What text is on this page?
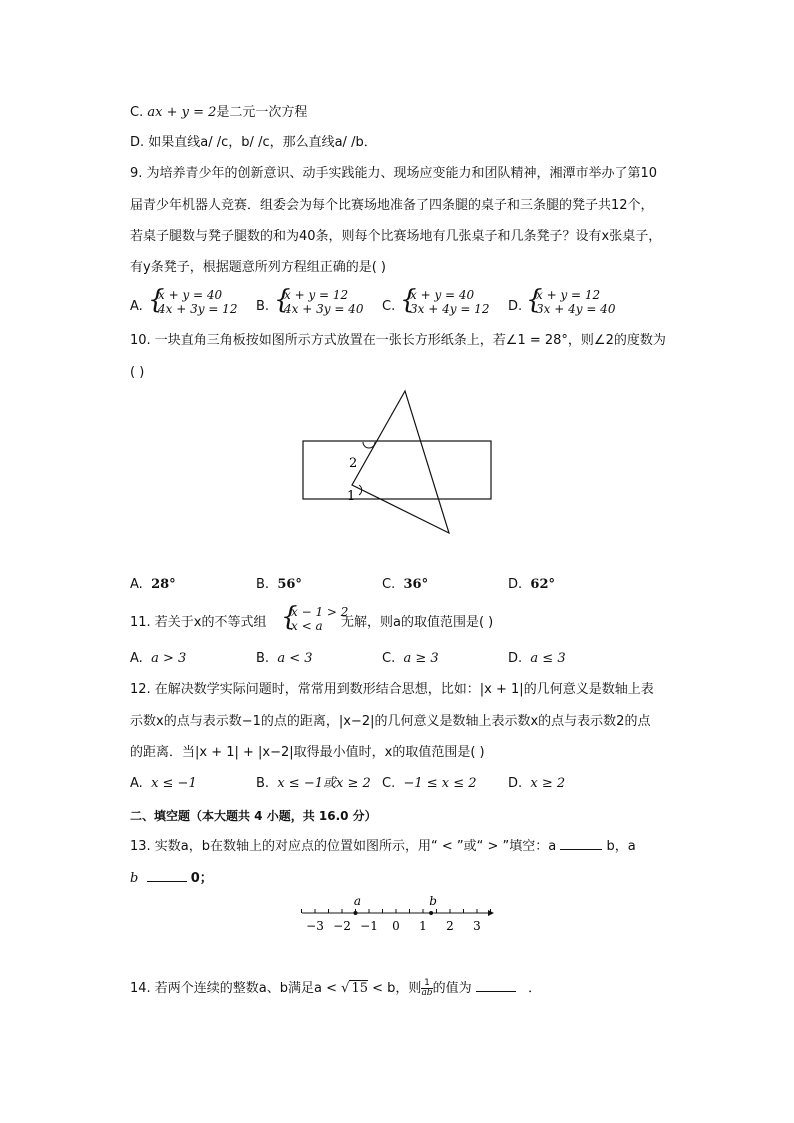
C. ax + y = 2是二元一次方程
D. 如果直线a/ /c，b/ /c，那么直线a/ /b．
9. 为培养青少年的创新意识、动手实践能力、现场应变能力和团队精神，湘潭市举办了第10
届青少年机器人竞赛．组委会为每个比赛场地准备了四条腿的桌子和三条腿的凳子共12个，
若桌子腿数与凳子腿数的和为40条，则每个比赛场地有几张桌子和几条凳子？设有x张桌子，
有y条凳子，根据题意所列方程组正确的是( )
A. {
x + y = 40
4x + 3y = 12 B. {
x + y = 12
4x + 3y = 40 C. {
x + y = 40
3x + 4y = 12 D. {
x + y = 12
3x + 4y = 40
10. 一块直角三角板按如图所示方式放置在一张长方形纸条上，若∠1 = 28°，则∠2的度数为
( )
2
1
A. 28°	B. 56°	C. 36°	D. 62°
11. 若关于x的不等式组 {
x − 1 > 2
x < a	无解，则a的取值范围是( )
A. a > 3	B. a < 3	C. a ≥ 3	D. a ≤ 3
12. 在解决数学实际问题时，常常用到数形结合思想，比如：|x + 1|的几何意义是数轴上表
示数x的点与表示数−1的点的距离，|x−2|的几何意义是数轴上表示数x的点与表示数2的点
的距离．当|x + 1| + |x−2|取得最小值时，x的取值范围是( )
A. x ≤ −1	B. x ≤ −1或x ≥ 2 C. −1 ≤ x ≤ 2 D. x ≥ 2
二、填空题（本大题共 4 小题，共 16.0 分）
13. 实数a，b在数轴上的对应点的位置如图所示，用“ < ”或“ > ”填空：a	b，a
b	0；
−3 −2 −1 0 1 2 3
a	b
14. 若两个连续的整数a、b满足a < √ 15 < b，则 $\frac{1}{ab}$ 的值为	．
